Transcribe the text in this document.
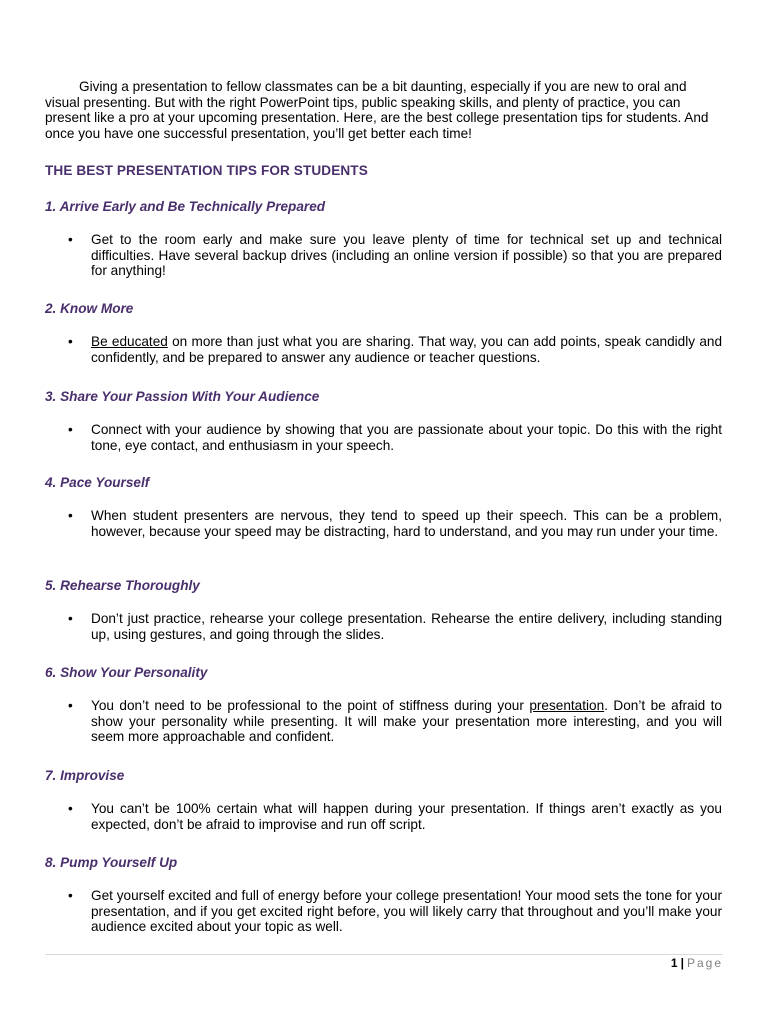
Giving a presentation to fellow classmates can be a bit daunting, especially if you are new to oral and visual presenting. But with the right PowerPoint tips, public speaking skills, and plenty of practice, you can present like a pro at your upcoming presentation. Here, are the best college presentation tips for students. And once you have one successful presentation, you’ll get better each time!
THE BEST PRESENTATION TIPS FOR STUDENTS
1. Arrive Early and Be Technically Prepared
•	Get to the room early and make sure you leave plenty of time for technical set up and technical difficulties. Have several backup drives (including an online version if possible) so that you are prepared for anything!
2. Know More
•	Be educated on more than just what you are sharing. That way, you can add points, speak candidly and confidently, and be prepared to answer any audience or teacher questions.
3. Share Your Passion With Your Audience
•	Connect with your audience by showing that you are passionate about your topic. Do this with the right tone, eye contact, and enthusiasm in your speech.
4. Pace Yourself
•	When student presenters are nervous, they tend to speed up their speech. This can be a problem, however, because your speed may be distracting, hard to understand, and you may run under your time.
5. Rehearse Thoroughly
•	Don’t just practice, rehearse your college presentation. Rehearse the entire delivery, including standing up, using gestures, and going through the slides.
6. Show Your Personality
•	You don’t need to be professional to the point of stiffness during your presentation. Don’t be afraid to show your personality while presenting. It will make your presentation more interesting, and you will seem more approachable and confident.
7. Improvise
•	You can’t be 100% certain what will happen during your presentation. If things aren’t exactly as you expected, don’t be afraid to improvise and run off script.
8. Pump Yourself Up
•	Get yourself excited and full of energy before your college presentation! Your mood sets the tone for your presentation, and if you get excited right before, you will likely carry that throughout and you’ll make your audience excited about your topic as well.
1 | Page
